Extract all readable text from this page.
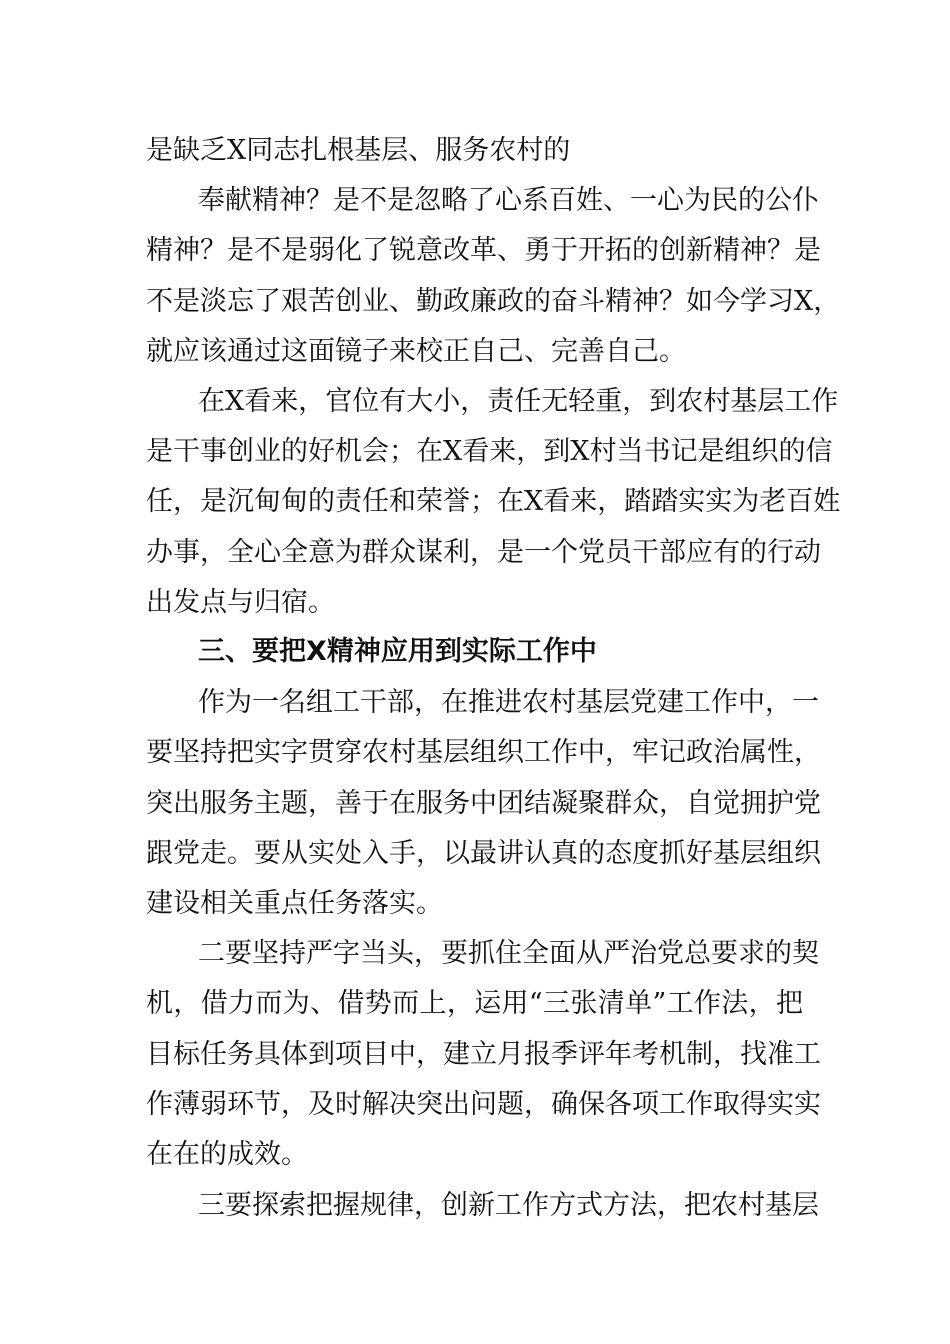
是缺乏X同志扎根基层、服务农村的
奉献精神？是不是忽略了心系百姓、一心为民的公仆
精神？是不是弱化了锐意改革、勇于开拓的创新精神？是
不是淡忘了艰苦创业、勤政廉政的奋斗精神？如今学习X，
就应该通过这面镜子来校正自己、完善自己。
在X看来，官位有大小，责任无轻重，到农村基层工作
是干事创业的好机会；在X看来，到X村当书记是组织的信
任，是沉甸甸的责任和荣誉；在X看来，踏踏实实为老百姓
办事，全心全意为群众谋利，是一个党员干部应有的行动
出发点与归宿。
三、要把X精神应用到实际工作中
作为一名组工干部，在推进农村基层党建工作中，一
要坚持把实字贯穿农村基层组织工作中，牢记政治属性，
突出服务主题，善于在服务中团结凝聚群众，自觉拥护党
跟党走。要从实处入手，以最讲认真的态度抓好基层组织
建设相关重点任务落实。
二要坚持严字当头，要抓住全面从严治党总要求的契
机，借力而为、借势而上，运用“三张清单”工作法，把
目标任务具体到项目中，建立月报季评年考机制，找准工
作薄弱环节，及时解决突出问题，确保各项工作取得实实
在在的成效。
三要探索把握规律，创新工作方式方法，把农村基层
